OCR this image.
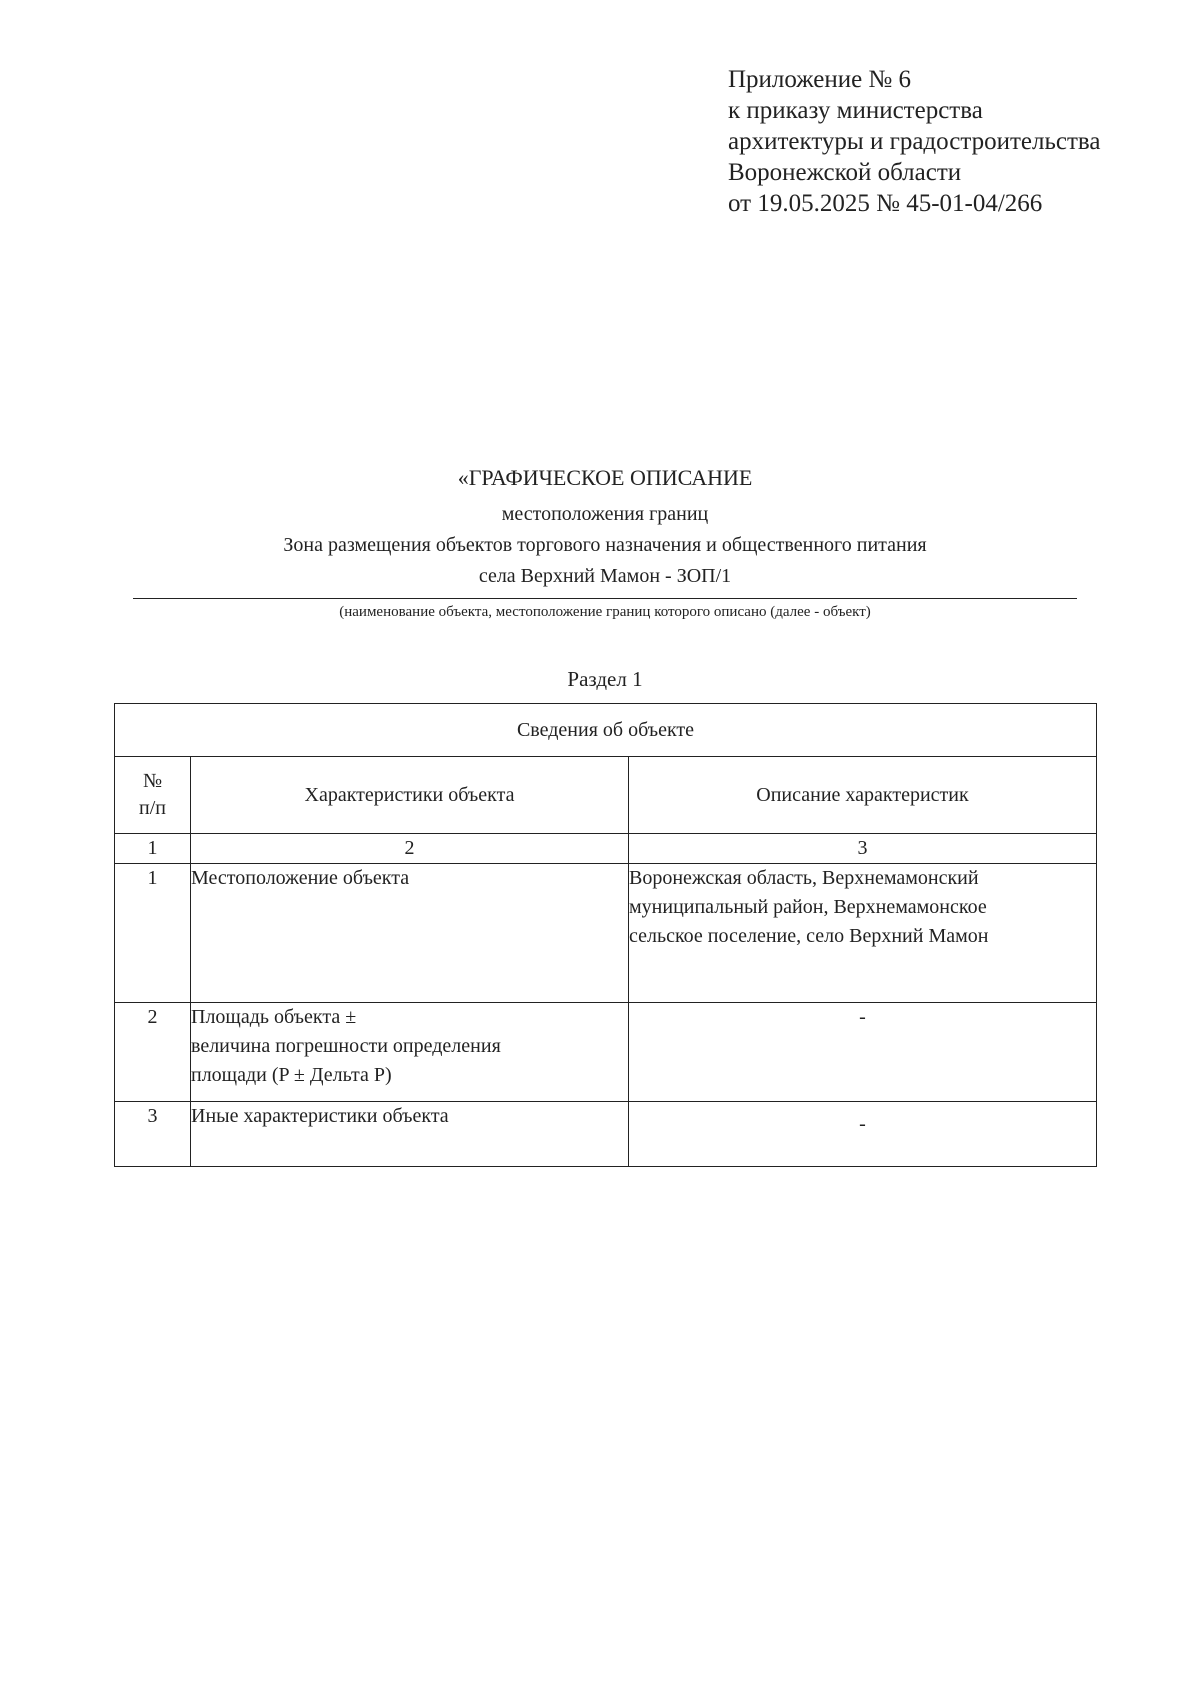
Приложение № 6
к приказу министерства
архитектуры и градостроительства
Воронежской области
от 19.05.2025 № 45-01-04/266
«ГРАФИЧЕСКОЕ ОПИСАНИЕ
местоположения границ
Зона размещения объектов торгового назначения и общественного питания
села Верхний Мамон - ЗОП/1
(наименование объекта, местоположение границ которого описано (далее - объект)
Раздел 1
Сведения об объекте		

№
п/п	Характеристики объекта	Описание характеристик
1	2	3
1	Местоположение объекта	Воронежская область, Верхнемамонский
муниципальный район, Верхнемамонское
сельское поселение, село Верхний Мамон

2	Площадь объекта ±
величина погрешности определения
площади (P ± Дельта P)	-
3	Иные характеристики объекта	-
